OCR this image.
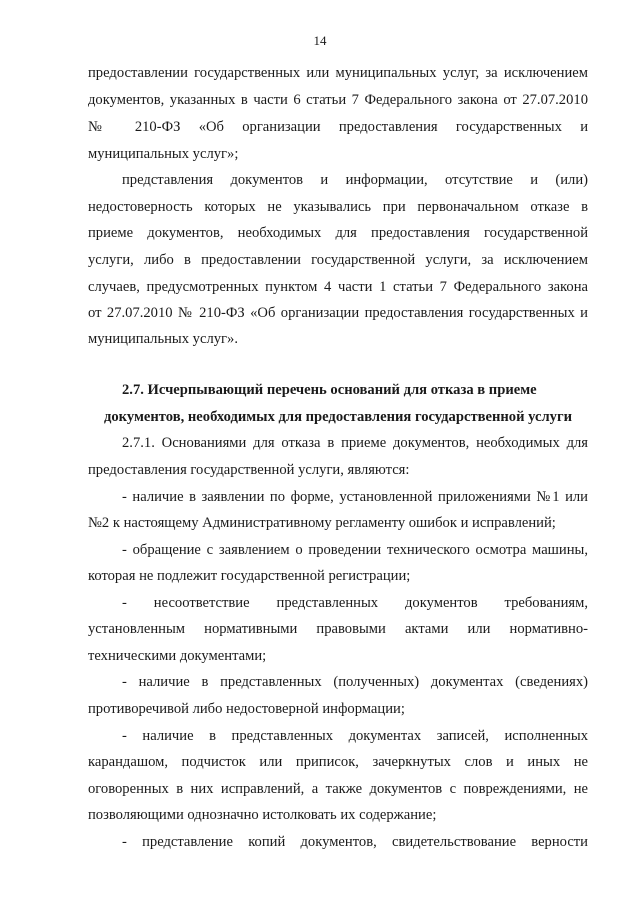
14
предоставлении государственных или муниципальных услуг, за исключением
документов, указанных в части 6 статьи 7 Федерального закона от 27.07.2010
№ 210-ФЗ «Об организации предоставления государственных и
муниципальных услуг»;
представления документов и информации, отсутствие и (или)
недостоверность которых не указывались при первоначальном отказе в
приеме документов, необходимых для предоставления государственной
услуги, либо в предоставлении государственной услуги, за исключением
случаев, предусмотренных пунктом 4 части 1 статьи 7 Федерального закона
от 27.07.2010 № 210-ФЗ «Об организации предоставления государственных и
муниципальных услуг».
2.7. Исчерпывающий перечень оснований для отказа в приеме
документов, необходимых для предоставления государственной услуги
2.7.1. Основаниями для отказа в приеме документов, необходимых для
предоставления государственной услуги, являются:
- наличие в заявлении по форме, установленной приложениями №1 или
№2 к настоящему Административному регламенту ошибок и исправлений;
- обращение с заявлением о проведении технического осмотра машины,
которая не подлежит государственной регистрации;
- несоответствие представленных документов требованиям,
установленным нормативными правовыми актами или нормативно-
техническими документами;
- наличие в представленных (полученных) документах (сведениях)
противоречивой либо недостоверной информации;
- наличие в представленных документах записей, исполненных
карандашом, подчисток или приписок, зачеркнутых слов и иных не
оговоренных в них исправлений, а также документов с повреждениями, не
позволяющими однозначно истолковать их содержание;
- представление копий документов, свидетельствование верности
